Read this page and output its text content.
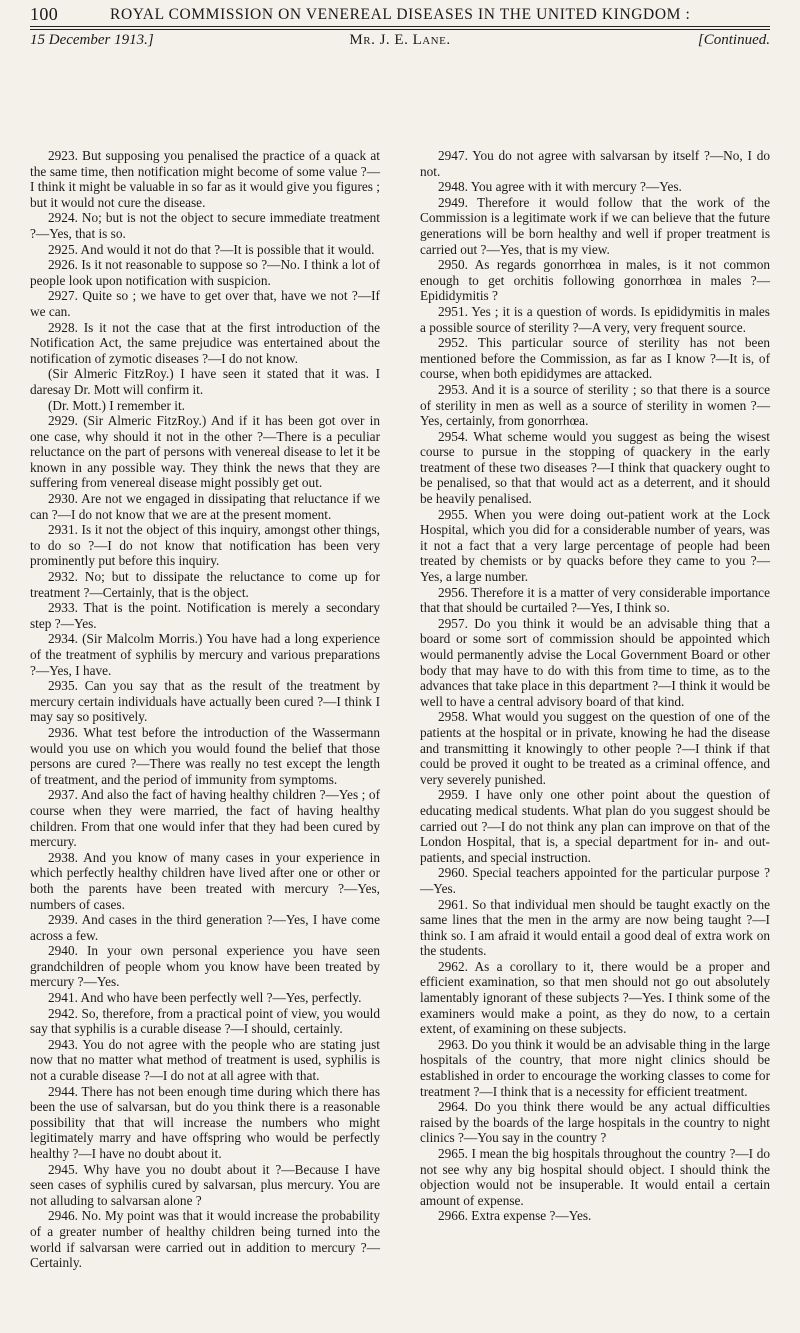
100	ROYAL COMMISSION ON VENEREAL DISEASES IN THE UNITED KINGDOM :
15 December 1913.]	Mr. J. E. Lane.	[Continued.

2923. But supposing you penalised the practice of a quack at the same time, then notification might become of some value ?—I think it might be valuable in so far as it would give you figures ; but it would not cure the disease.

2924. No; but is not the object to secure immediate treatment ?—Yes, that is so.

2925. And would it not do that ?—It is possible that it would.

2926. Is it not reasonable to suppose so ?—No. I think a lot of people look upon notification with suspicion.

2927. Quite so ; we have to get over that, have we not ?—If we can.

2928. Is it not the case that at the first introduction of the Notification Act, the same prejudice was entertained about the notification of zymotic diseases ?—I do not know.

(Sir Almeric FitzRoy.) I have seen it stated that it was. I daresay Dr. Mott will confirm it.

(Dr. Mott.) I remember it.

2929. (Sir Almeric FitzRoy.) And if it has been got over in one case, why should it not in the other ?—There is a peculiar reluctance on the part of persons with venereal disease to let it be known in any possible way. They think the news that they are suffering from venereal disease might possibly get out.

2930. Are not we engaged in dissipating that reluctance if we can ?—I do not know that we are at the present moment.

2931. Is it not the object of this inquiry, amongst other things, to do so ?—I do not know that notification has been very prominently put before this inquiry.

2932. No; but to dissipate the reluctance to come up for treatment ?—Certainly, that is the object.

2933. That is the point. Notification is merely a secondary step ?—Yes.

2934. (Sir Malcolm Morris.) You have had a long experience of the treatment of syphilis by mercury and various preparations ?—Yes, I have.

2935. Can you say that as the result of the treatment by mercury certain individuals have actually been cured ?—I think I may say so positively.

2936. What test before the introduction of the Wassermann would you use on which you would found the belief that those persons are cured ?—There was really no test except the length of treatment, and the period of immunity from symptoms.

2937. And also the fact of having healthy children ?—Yes ; of course when they were married, the fact of having healthy children. From that one would infer that they had been cured by mercury.

2938. And you know of many cases in your experience in which perfectly healthy children have lived after one or other or both the parents have been treated with mercury ?—Yes, numbers of cases.

2939. And cases in the third generation ?—Yes, I have come across a few.

2940. In your own personal experience you have seen grandchildren of people whom you know have been treated by mercury ?—Yes.

2941. And who have been perfectly well ?—Yes, perfectly.

2942. So, therefore, from a practical point of view, you would say that syphilis is a curable disease ?—I should, certainly.

2943. You do not agree with the people who are stating just now that no matter what method of treatment is used, syphilis is not a curable disease ?—I do not at all agree with that.

2944. There has not been enough time during which there has been the use of salvarsan, but do you think there is a reasonable possibility that that will increase the numbers who might legitimately marry and have offspring who would be perfectly healthy ?—I have no doubt about it.

2945. Why have you no doubt about it ?—Because I have seen cases of syphilis cured by salvarsan, plus mercury. You are not alluding to salvarsan alone ?

2946. No. My point was that it would increase the probability of a greater number of healthy children being turned into the world if salvarsan were carried out in addition to mercury ?—Certainly.

2947. You do not agree with salvarsan by itself ?—No, I do not.

2948. You agree with it with mercury ?—Yes.

2949. Therefore it would follow that the work of the Commission is a legitimate work if we can believe that the future generations will be born healthy and well if proper treatment is carried out ?—Yes, that is my view.

2950. As regards gonorrhœa in males, is it not common enough to get orchitis following gonorrhœa in males ?—Epididymitis ?

2951. Yes ; it is a question of words. Is epididymitis in males a possible source of sterility ?—A very, very frequent source.

2952. This particular source of sterility has not been mentioned before the Commission, as far as I know ?—It is, of course, when both epididymes are attacked.

2953. And it is a source of sterility ; so that there is a source of sterility in men as well as a source of sterility in women ?—Yes, certainly, from gonorrhœa.

2954. What scheme would you suggest as being the wisest course to pursue in the stopping of quackery in the early treatment of these two diseases ?—I think that quackery ought to be penalised, so that that would act as a deterrent, and it should be heavily penalised.

2955. When you were doing out-patient work at the Lock Hospital, which you did for a considerable number of years, was it not a fact that a very large percentage of people had been treated by chemists or by quacks before they came to you ?—Yes, a large number.

2956. Therefore it is a matter of very considerable importance that that should be curtailed ?—Yes, I think so.

2957. Do you think it would be an advisable thing that a board or some sort of commission should be appointed which would permanently advise the Local Government Board or other body that may have to do with this from time to time, as to the advances that take place in this department ?—I think it would be well to have a central advisory board of that kind.

2958. What would you suggest on the question of one of the patients at the hospital or in private, knowing he had the disease and transmitting it knowingly to other people ?—I think if that could be proved it ought to be treated as a criminal offence, and very severely punished.

2959. I have only one other point about the question of educating medical students. What plan do you suggest should be carried out ?—I do not think any plan can improve on that of the London Hospital, that is, a special department for in- and out-patients, and special instruction.

2960. Special teachers appointed for the particular purpose ?—Yes.

2961. So that individual men should be taught exactly on the same lines that the men in the army are now being taught ?—I think so. I am afraid it would entail a good deal of extra work on the students.

2962. As a corollary to it, there would be a proper and efficient examination, so that men should not go out absolutely lamentably ignorant of these subjects ?—Yes. I think some of the examiners would make a point, as they do now, to a certain extent, of examining on these subjects.

2963. Do you think it would be an advisable thing in the large hospitals of the country, that more night clinics should be established in order to encourage the working classes to come for treatment ?—I think that is a necessity for efficient treatment.

2964. Do you think there would be any actual difficulties raised by the boards of the large hospitals in the country to night clinics ?—You say in the country ?

2965. I mean the big hospitals throughout the country ?—I do not see why any big hospital should object. I should think the objection would not be insuperable. It would entail a certain amount of expense.

2966. Extra expense ?—Yes.
